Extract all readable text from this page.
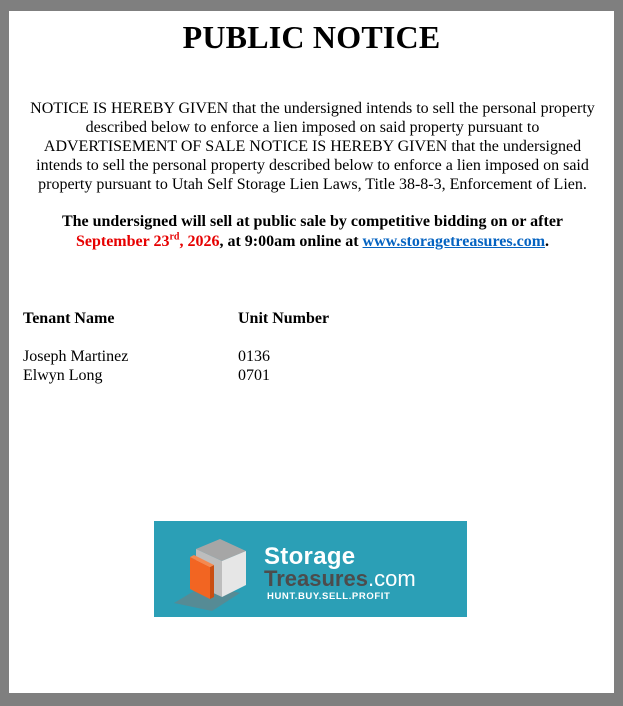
PUBLIC NOTICE
NOTICE IS HEREBY GIVEN that the undersigned intends to sell the personal property described below to enforce a lien imposed on said property pursuant to ADVERTISEMENT OF SALE NOTICE IS HEREBY GIVEN that the undersigned intends to sell the personal property described below to enforce a lien imposed on said property pursuant to Utah Self Storage Lien Laws, Title 38-8-3, Enforcement of Lien.
The undersigned will sell at public sale by competitive bidding on or after
September 23rd, 2026, at 9:00am online at www.storagetreasures.com.
Tenant Name	Unit Number
Joseph Martinez	0136
Elwyn Long	0701
Storage
Treasures.com
HUNT.BUY.SELL.PROFIT
